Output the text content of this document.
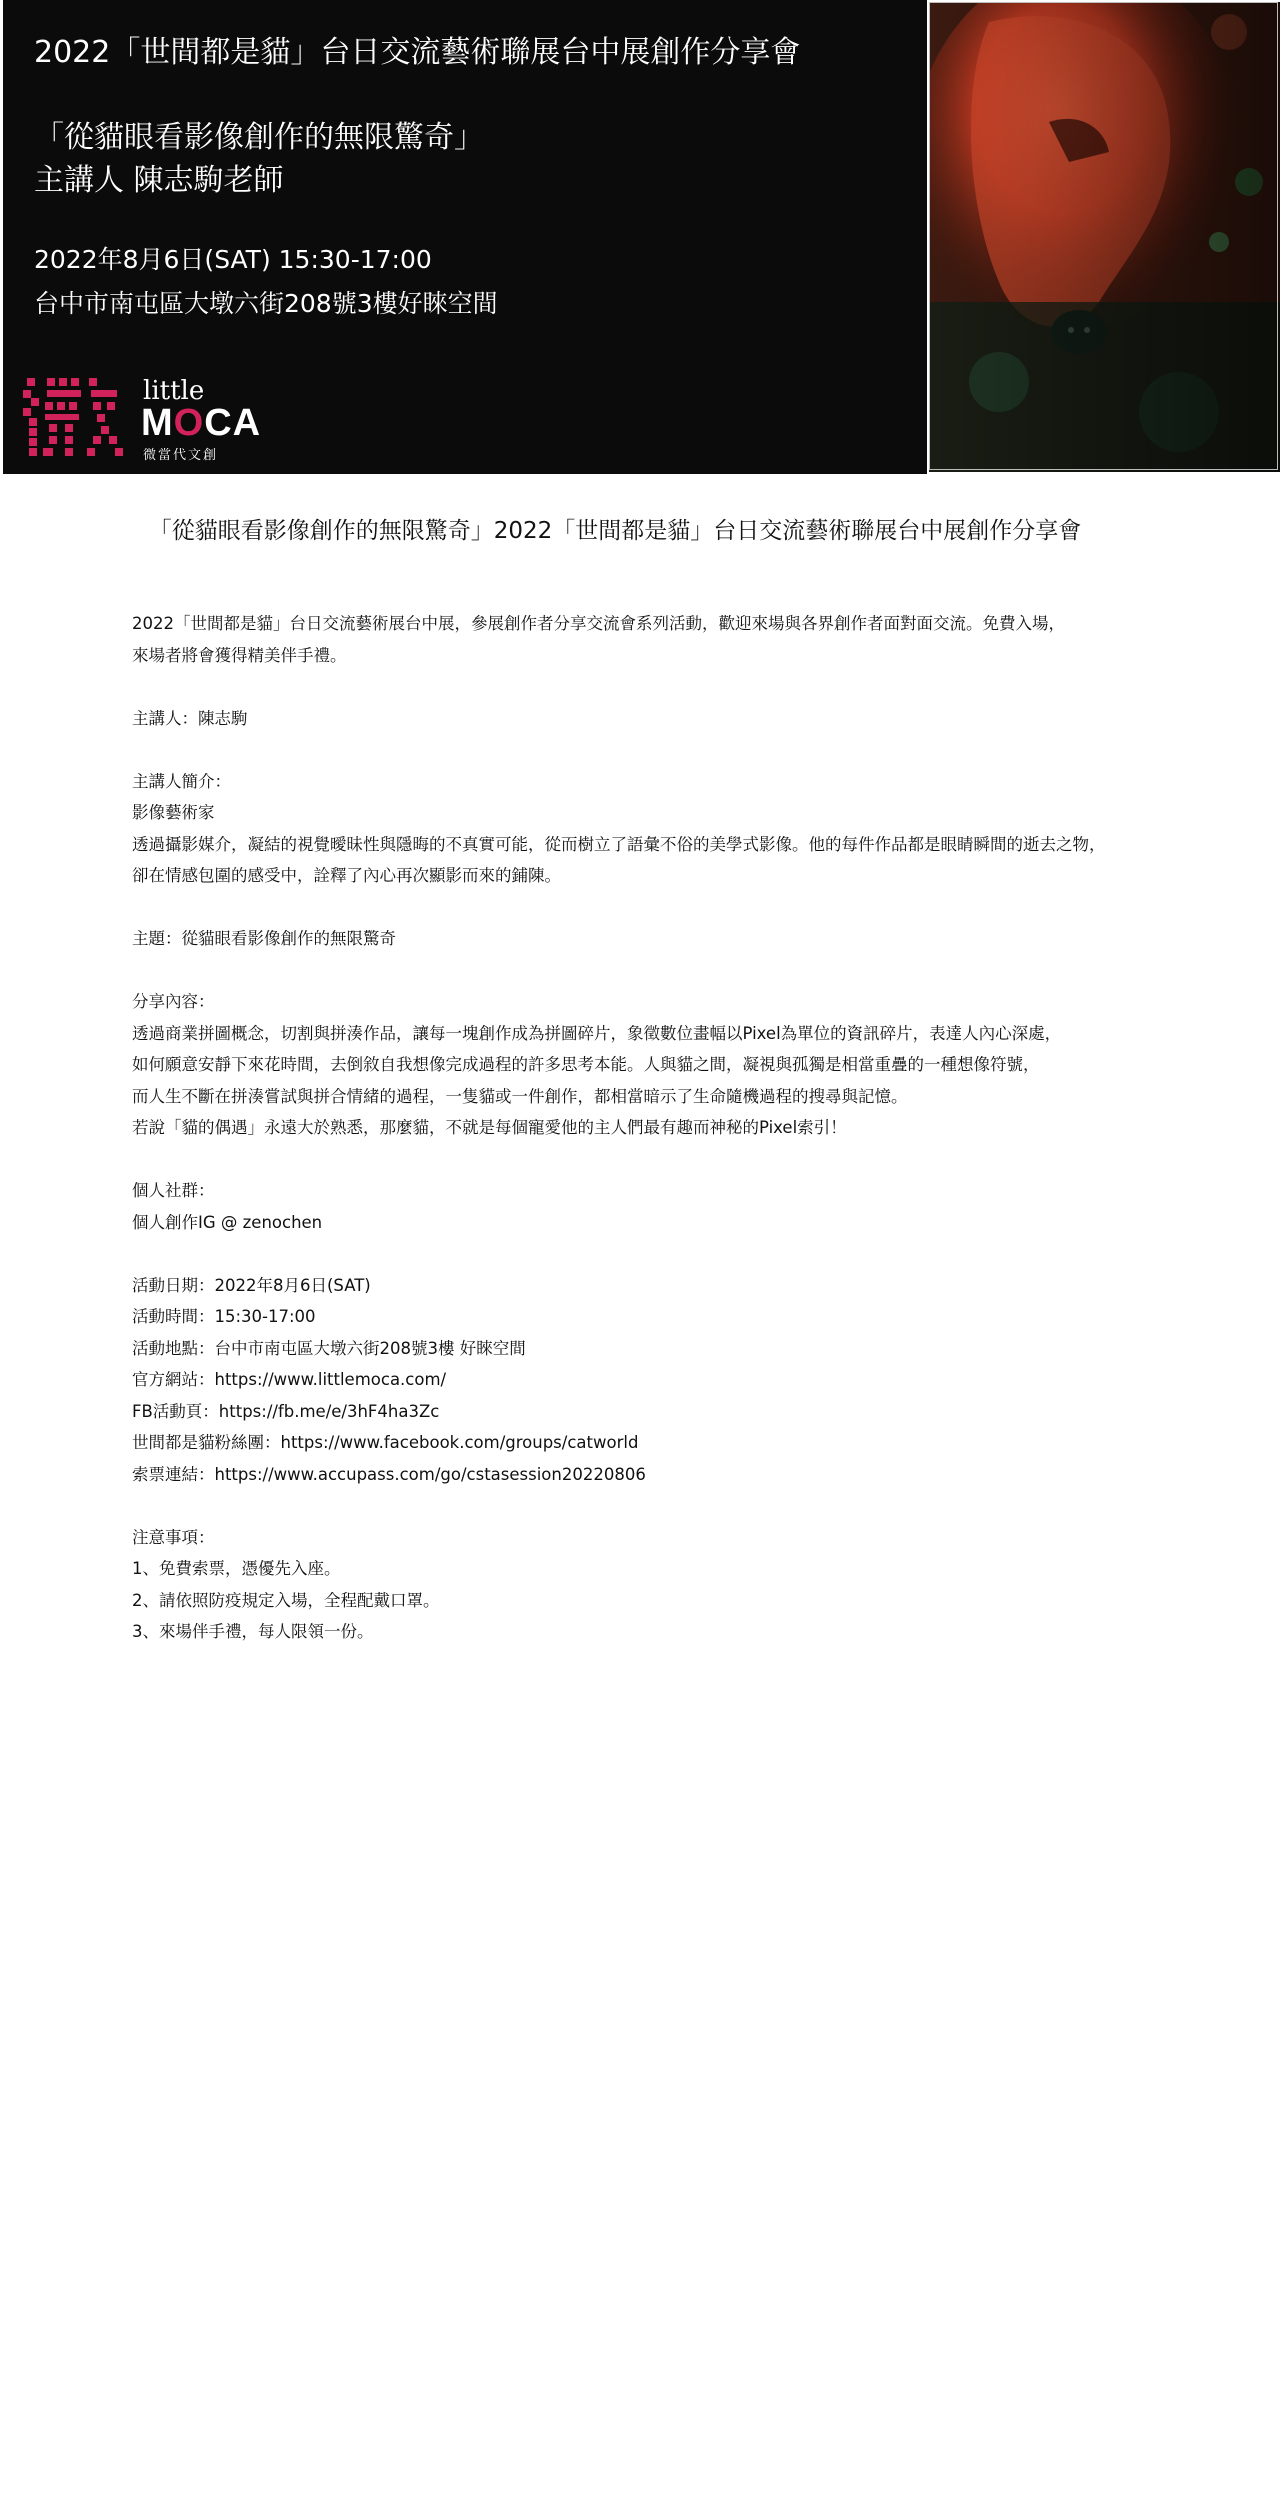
2022「世間都是貓」台日交流藝術聯展台中展創作分享會
「從貓眼看影像創作的無限驚奇」
主講人 陳志駒老師
2022年8月6日(SAT) 15:30-17:00
台中市南屯區大墩六街208號3樓好睞空間
little
MOCA
微當代文創
「從貓眼看影像創作的無限驚奇」2022「世間都是貓」台日交流藝術聯展台中展創作分享會
2022「世間都是貓」台日交流藝術展台中展，參展創作者分享交流會系列活動，歡迎來場與各界創作者面對面交流。免費入場，
來場者將會獲得精美伴手禮。
主講人：陳志駒
主講人簡介：
影像藝術家
透過攝影媒介，凝結的視覺曖昧性與隱晦的不真實可能，從而樹立了語彙不俗的美學式影像。他的每件作品都是眼睛瞬間的逝去之物，
卻在情感包圍的感受中，詮釋了內心再次顯影而來的鋪陳。
主題：從貓眼看影像創作的無限驚奇
分享內容：
透過商業拼圖概念，切割與拼湊作品，讓每一塊創作成為拼圖碎片，象徵數位畫幅以Pixel為單位的資訊碎片，表達人內心深處，
如何願意安靜下來花時間，去倒敘自我想像完成過程的許多思考本能。人與貓之間，凝視與孤獨是相當重疊的一種想像符號，
而人生不斷在拼湊嘗試與拼合情緒的過程，一隻貓或一件創作，都相當暗示了生命隨機過程的搜尋與記憶。
若說「貓的偶遇」永遠大於熟悉，那麼貓，不就是每個寵愛他的主人們最有趣而神秘的Pixel索引！
個人社群：
個人創作IG @ zenochen
活動日期：2022年8月6日(SAT)
活動時間：15:30-17:00
活動地點：台中市南屯區大墩六街208號3樓 好睞空間
官方網站：https://www.littlemoca.com/
FB活動頁：https://fb.me/e/3hF4ha3Zc
世間都是貓粉絲團：https://www.facebook.com/groups/catworld
索票連結：https://www.accupass.com/go/cstasession20220806
注意事項：
1、免費索票，憑優先入座。
2、請依照防疫規定入場，全程配戴口罩。
3、來場伴手禮，每人限領一份。
